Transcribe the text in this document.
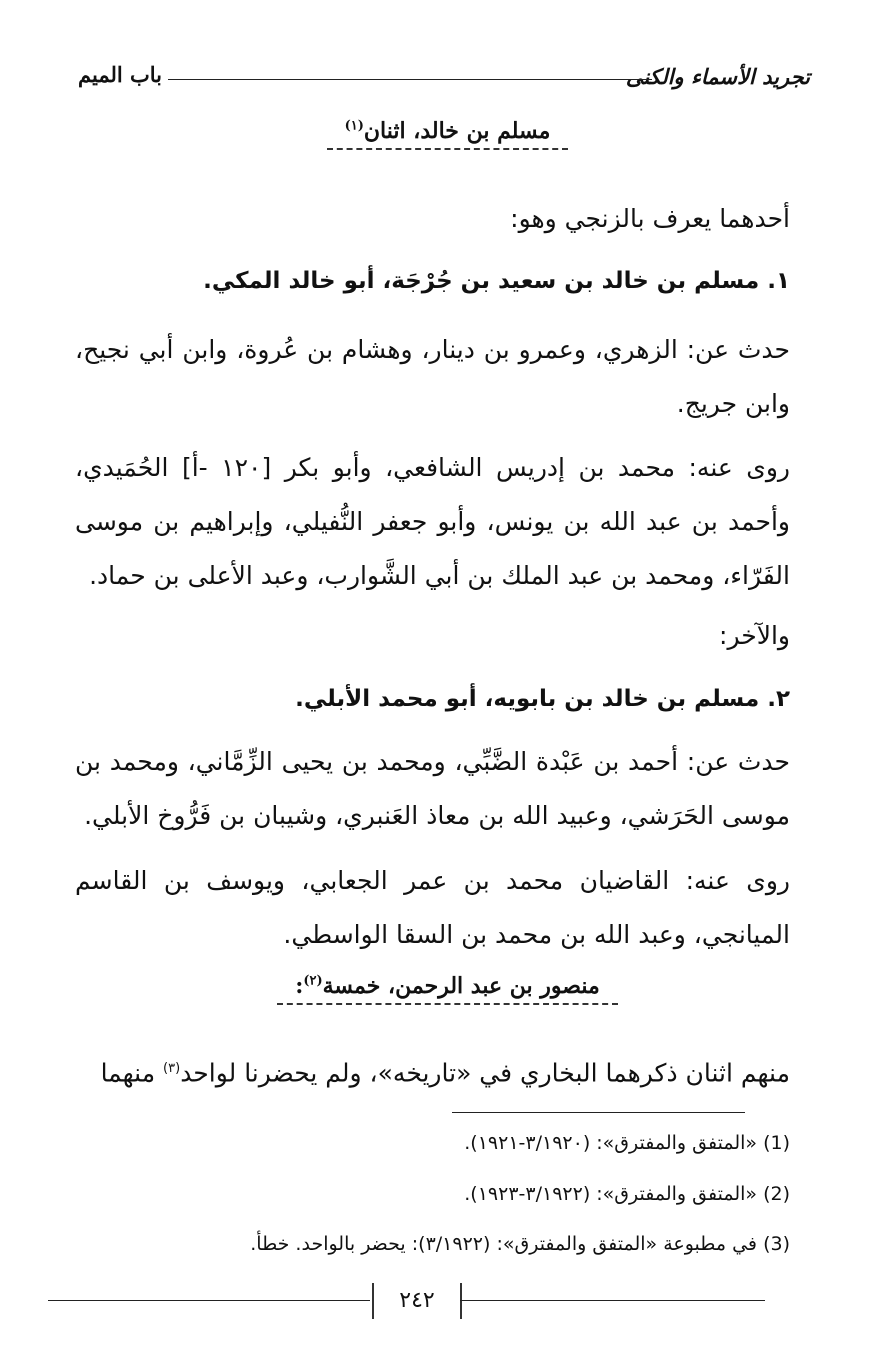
تجريد الأسماء والكنى
باب الميم
مسلم بن خالد، اثنان$^{(١)}$
أحدهما يعرف بالزنجي وهو:
١. مسلم بن خالد بن سعيد بن جُرْجَة، أبو خالد المكي.
حدث عن: الزهري، وعمرو بن دينار، وهشام بن عُروة، وابن أبي نجيح، وابن جريج.
روى عنه: محمد بن إدريس الشافعي، وأبو بكر [١٢٠ -أ] الحُمَيدي، وأحمد بن عبد الله بن يونس، وأبو جعفر النُّفيلي، وإبراهيم بن موسى الفَرّاء، ومحمد بن عبد الملك بن أبي الشَّوارب، وعبد الأعلى بن حماد.
والآخر:
٢. مسلم بن خالد بن بابويه، أبو محمد الأبلي.
حدث عن: أحمد بن عَبْدة الضَّبِّي، ومحمد بن يحيى الزِّمَّاني، ومحمد بن موسى الحَرَشي، وعبيد الله بن معاذ العَنبري، وشيبان بن فَرُّوخ الأبلي.
روى عنه: القاضيان محمد بن عمر الجعابي، ويوسف بن القاسم الميانجي، وعبد الله بن محمد بن السقا الواسطي.
منصور بن عبد الرحمن، خمسة$^{(٢)}$:
منهم اثنان ذكرهما البخاري في «تاريخه»، ولم يحضرنا لواحد$^{(٣)}$ منهما
(1) «المتفق والمفترق»: (٣/١٩٢٠-١٩٢١).
(2) «المتفق والمفترق»: (٣/١٩٢٢-١٩٢٣).
(3) في مطبوعة «المتفق والمفترق»: (٣/١٩٢٢): يحضر بالواحد. خطأ.
٢٤٢
